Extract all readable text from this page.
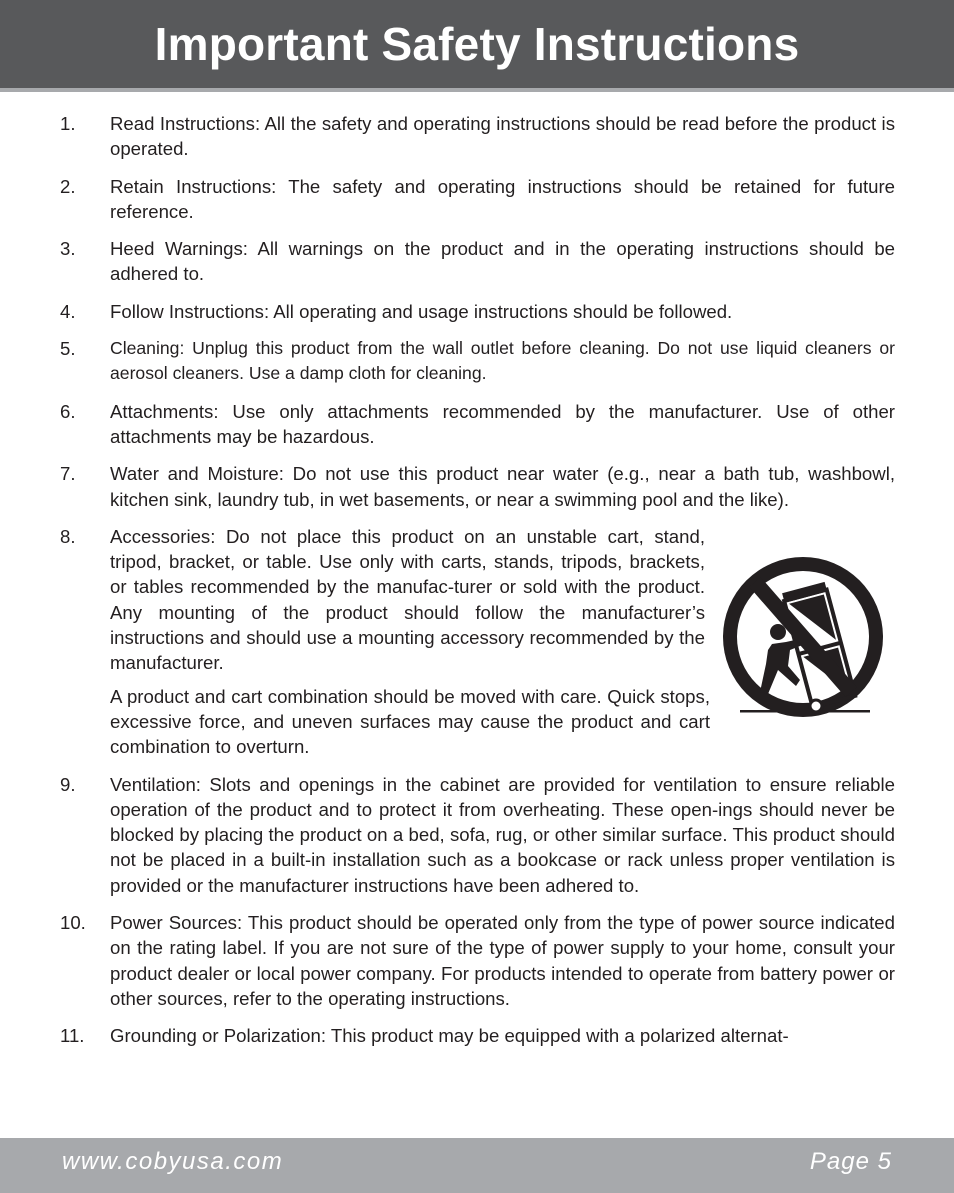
Important Safety Instructions
1. Read Instructions: All the safety and operating instructions should be read before the product is operated.
2. Retain Instructions: The safety and operating instructions should be retained for future reference.
3. Heed Warnings: All warnings on the product and in the operating instructions should be adhered to.
4. Follow Instructions: All operating and usage instructions should be followed.
5. Cleaning: Unplug this product from the wall outlet before cleaning. Do not use liquid cleaners or aerosol cleaners. Use a damp cloth for cleaning.
6. Attachments: Use only attachments recommended by the manufacturer. Use of other attachments may be hazardous.
7. Water and Moisture: Do not use this product near water (e.g., near a bath tub, washbowl, kitchen sink, laundry tub, in wet basements, or near a swimming pool and the like).
8. Accessories: Do not place this product on an unstable cart, stand, tripod, bracket, or table. Use only with carts, stands, tripods, brackets, or tables recommended by the manufac-turer or sold with the product. Any mounting of the product should follow the manufacturer’s instructions and should use a mounting accessory recommended by the manufacturer.
A product and cart combination should be moved with care. Quick stops, excessive force, and uneven surfaces may cause the product and cart combination to overturn.
9. Ventilation: Slots and openings in the cabinet are provided for ventilation to ensure reliable operation of the product and to protect it from overheating. These open-ings should never be blocked by placing the product on a bed, sofa, rug, or other similar surface. This product should not be placed in a built-in installation such as a bookcase or rack unless proper ventilation is provided or the manufacturer instructions have been adhered to.
10. Power Sources: This product should be operated only from the type of power source indicated on the rating label. If you are not sure of the type of power supply to your home, consult your product dealer or local power company. For products intended to operate from battery power or other sources, refer to the operating instructions.
11. Grounding or Polarization: This product may be equipped with a polarized alternat-
www.cobyusa.com	Page 5
